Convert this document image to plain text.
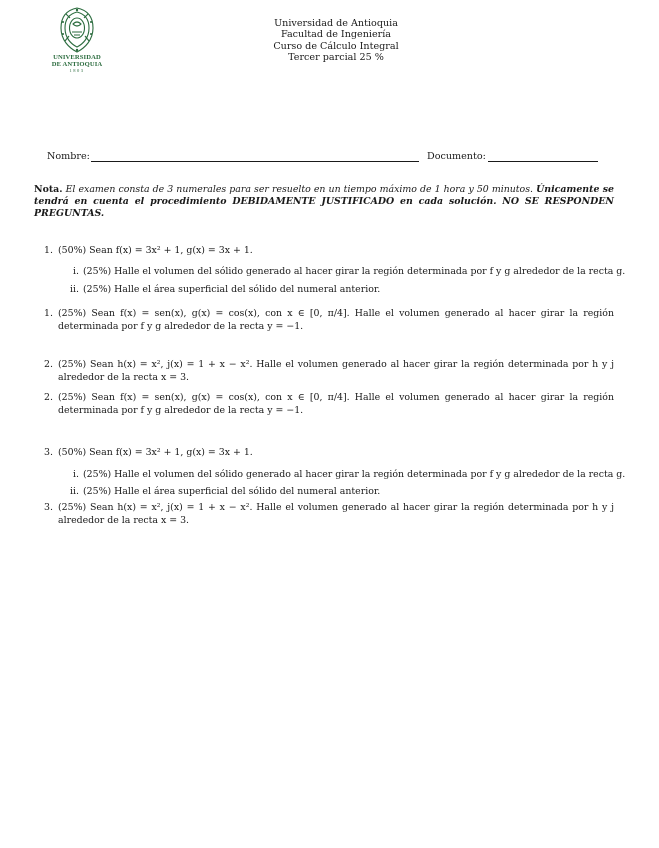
UNIVERSIDAD
DE ANTIOQUIA
1803
Universidad de Antioquia
Facultad de Ingeniería
Curso de Cálculo Integral
Tercer parcial 25 %
Nombre:	Documento:
Nota. El examen consta de 3 numerales para ser resuelto en un tiempo máximo de 1 hora y 50 minutos. Únicamente se tendrá en cuenta el procedimiento DEBIDAMENTE JUSTIFICADO en cada solución. NO SE RESPONDEN PREGUNTAS.
1. (50%) Sean f(x) = 3x² + 1, g(x) = 3x + 1.
i. (25%) Halle el volumen del sólido generado al hacer girar la región determinada por f y g alrededor de la recta g.
ii. (25%) Halle el área superficial del sólido del numeral anterior.
1. (25%) Sean f(x) = sen(x), g(x) = cos(x), con x ∈ [0, π/4]. Halle el volumen generado al hacer girar la región determinada por f y g alrededor de la recta y = −1.
2. (25%) Sean h(x) = x², j(x) = 1 + x − x². Halle el volumen generado al hacer girar la región determinada por h y j alrededor de la recta x = 3.
2. (25%) Sean f(x) = sen(x), g(x) = cos(x), con x ∈ [0, π/4]. Halle el volumen generado al hacer girar la región determinada por f y g alrededor de la recta y = −1.
3. (50%) Sean f(x) = 3x² + 1, g(x) = 3x + 1.
i. (25%) Halle el volumen del sólido generado al hacer girar la región determinada por f y g alrededor de la recta g.
ii. (25%) Halle el área superficial del sólido del numeral anterior.
3. (25%) Sean h(x) = x², j(x) = 1 + x − x². Halle el volumen generado al hacer girar la región determinada por h y j alrededor de la recta x = 3.
